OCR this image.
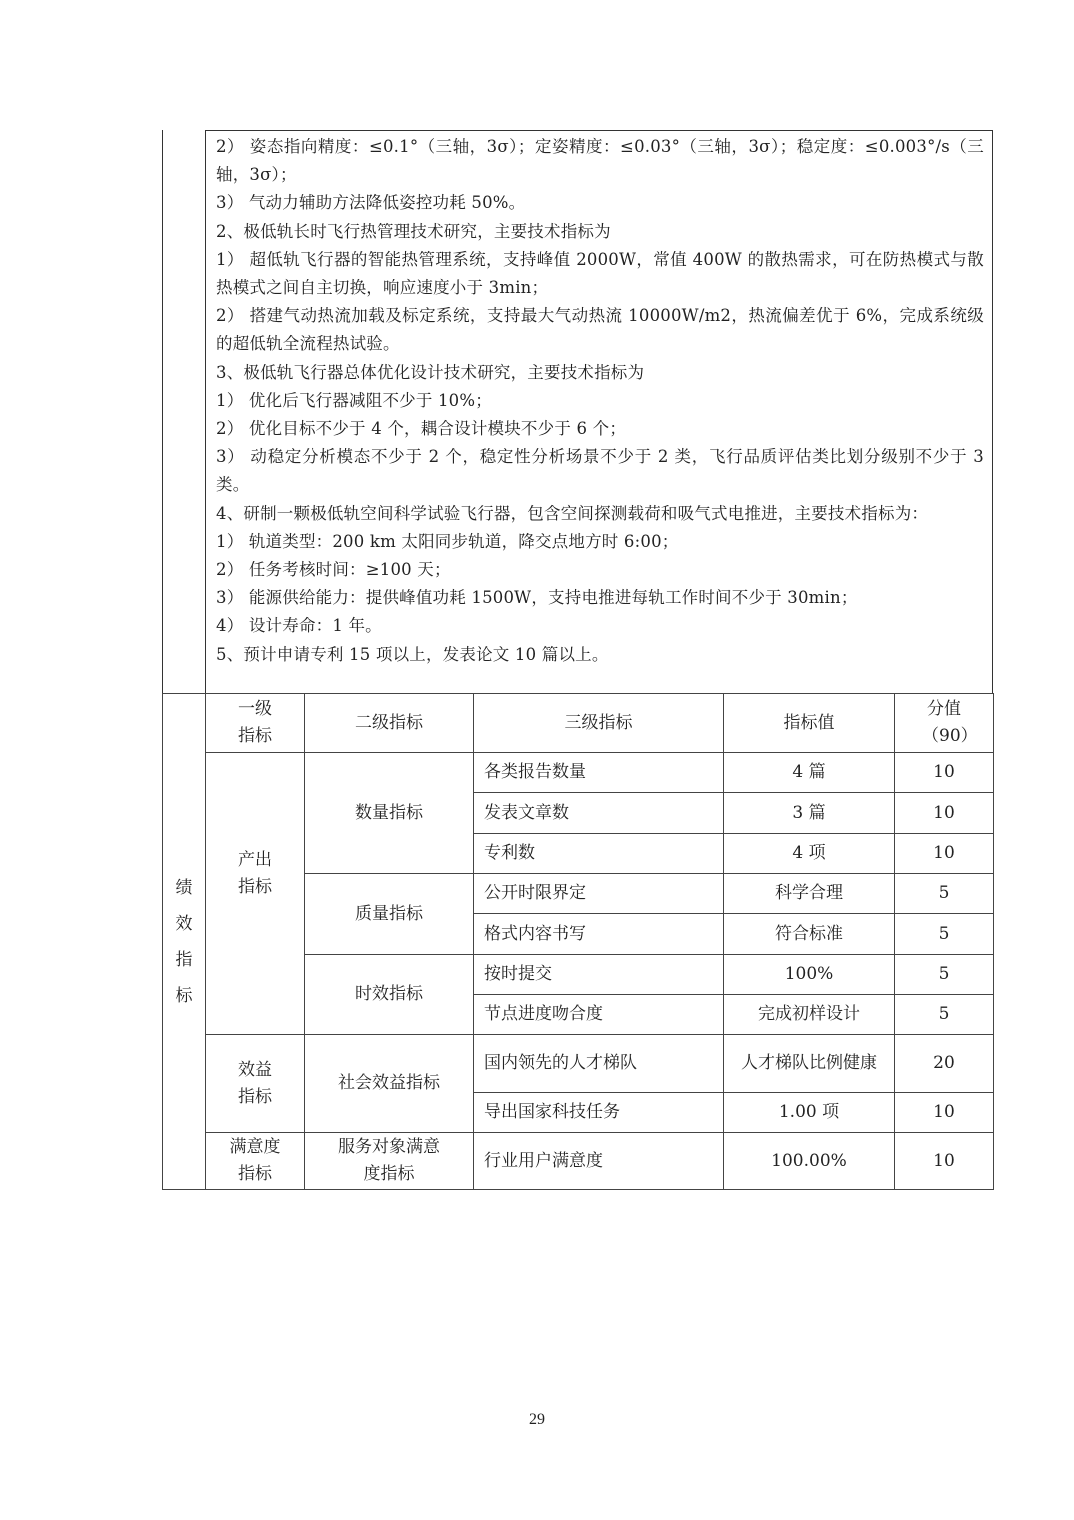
2） 姿态指向精度：≤0.1°（三轴，3σ）；定姿精度：≤0.03°（三轴，3σ）；稳定度：≤0.003°/s（三轴，3σ）；

3） 气动力辅助方法降低姿控功耗 50%。

2、极低轨长时飞行热管理技术研究，主要技术指标为

1） 超低轨飞行器的智能热管理系统，支持峰值 2000W，常值 400W 的散热需求，可在防热模式与散热模式之间自主切换，响应速度小于 3min；

2） 搭建气动热流加载及标定系统，支持最大气动热流 10000W/m2，热流偏差优于 6%，完成系统级的超低轨全流程热试验。

3、极低轨飞行器总体优化设计技术研究，主要技术指标为

1） 优化后飞行器减阻不少于 10%；

2） 优化目标不少于 4 个，耦合设计模块不少于 6 个；

3） 动稳定分析模态不少于 2 个，稳定性分析场景不少于 2 类，飞行品质评估类比划分级别不少于 3 类。

4、研制一颗极低轨空间科学试验飞行器，包含空间探测载荷和吸气式电推进，主要技术指标为：

1） 轨道类型：200 km 太阳同步轨道，降交点地方时 6:00；

2） 任务考核时间：≥100 天；

3） 能源供给能力：提供峰值功耗 1500W，支持电推进每轨工作时间不少于 30min；

4） 设计寿命：1 年。

5、预计申请专利 15 项以上，发表论文 10 篇以上。

绩效指标	一级指标	二级指标	三级指标	指标值	分值（90）

	产出指标	数量指标	各类报告数量	4 篇	10
			发表文章数	3 篇	10
			专利数	4 项	10
		质量指标	公开时限界定	科学合理	5
			格式内容书写	符合标准	5
		时效指标	按时提交	100%	5
			节点进度吻合度	完成初样设计	5

	效益指标	社会效益指标	国内领先的人才梯队	人才梯队比例健康	20
			导出国家科技任务	1.00 项	10

	满意度指标	服务对象满意度指标	行业用户满意度	100.00%	10
29
